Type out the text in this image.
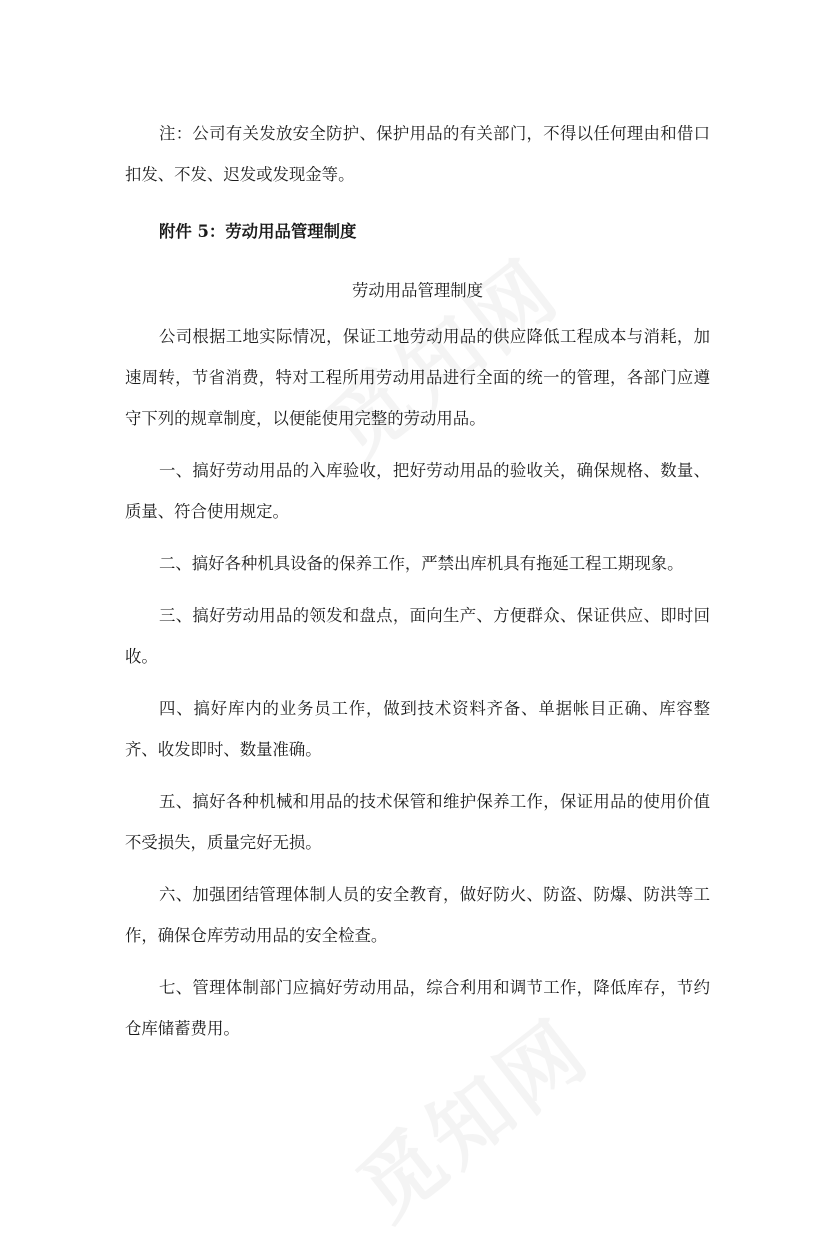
注：公司有关发放安全防护、保护用品的有关部门，不得以任何理由和借口扣发、不发、迟发或发现金等。

附件 5：劳动用品管理制度

劳动用品管理制度

公司根据工地实际情况，保证工地劳动用品的供应降低工程成本与消耗，加速周转，节省消费，特对工程所用劳动用品进行全面的统一的管理，各部门应遵守下列的规章制度，以便能使用完整的劳动用品。

一、搞好劳动用品的入库验收，把好劳动用品的验收关，确保规格、数量、质量、符合使用规定。

二、搞好各种机具设备的保养工作，严禁出库机具有拖延工程工期现象。

三、搞好劳动用品的领发和盘点，面向生产、方便群众、保证供应、即时回收。

四、搞好库内的业务员工作，做到技术资料齐备、单据帐目正确、库容整齐、收发即时、数量准确。

五、搞好各种机械和用品的技术保管和维护保养工作，保证用品的使用价值不受损失，质量完好无损。

六、加强团结管理体制人员的安全教育，做好防火、防盗、防爆、防洪等工作，确保仓库劳动用品的安全检查。

七、管理体制部门应搞好劳动用品，综合利用和调节工作，降低库存，节约仓库储蓄费用。
